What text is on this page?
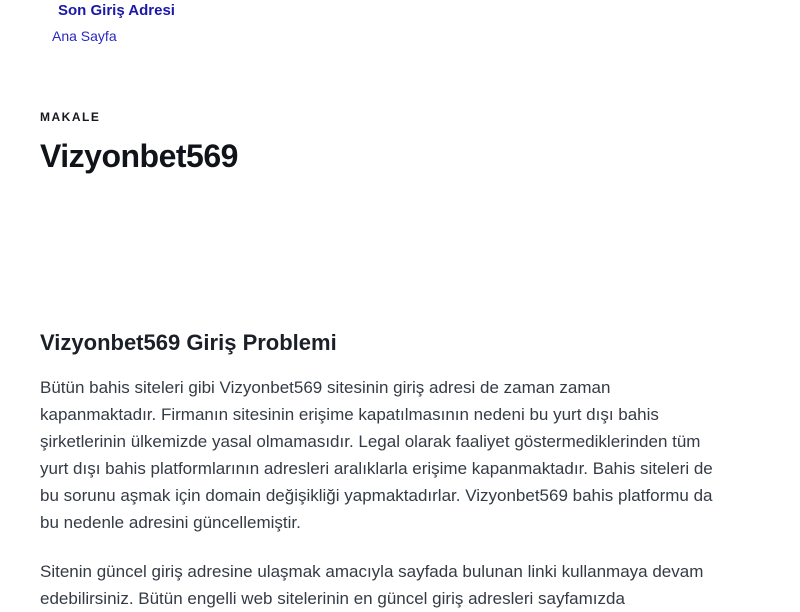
Son Giriş Adresi
Ana Sayfa
MAKALE
Vizyonbet569
Vizyonbet569 Giriş Problemi

Bütün bahis siteleri gibi Vizyonbet569 sitesinin giriş adresi de zaman zaman kapanmaktadır. Firmanın sitesinin erişime kapatılmasının nedeni bu yurt dışı bahis şirketlerinin ülkemizde yasal olmamasıdır. Legal olarak faaliyet göstermediklerinden tüm yurt dışı bahis platformlarının adresleri aralıklarla erişime kapanmaktadır. Bahis siteleri de bu sorunu aşmak için domain değişikliği yapmaktadırlar. Vizyonbet569 bahis platformu da bu nedenle adresini güncellemiştir.

Sitenin güncel giriş adresine ulaşmak amacıyla sayfada bulunan linki kullanmaya devam edebilirsiniz. Bütün engelli web sitelerinin en güncel giriş adresleri sayfamızda
